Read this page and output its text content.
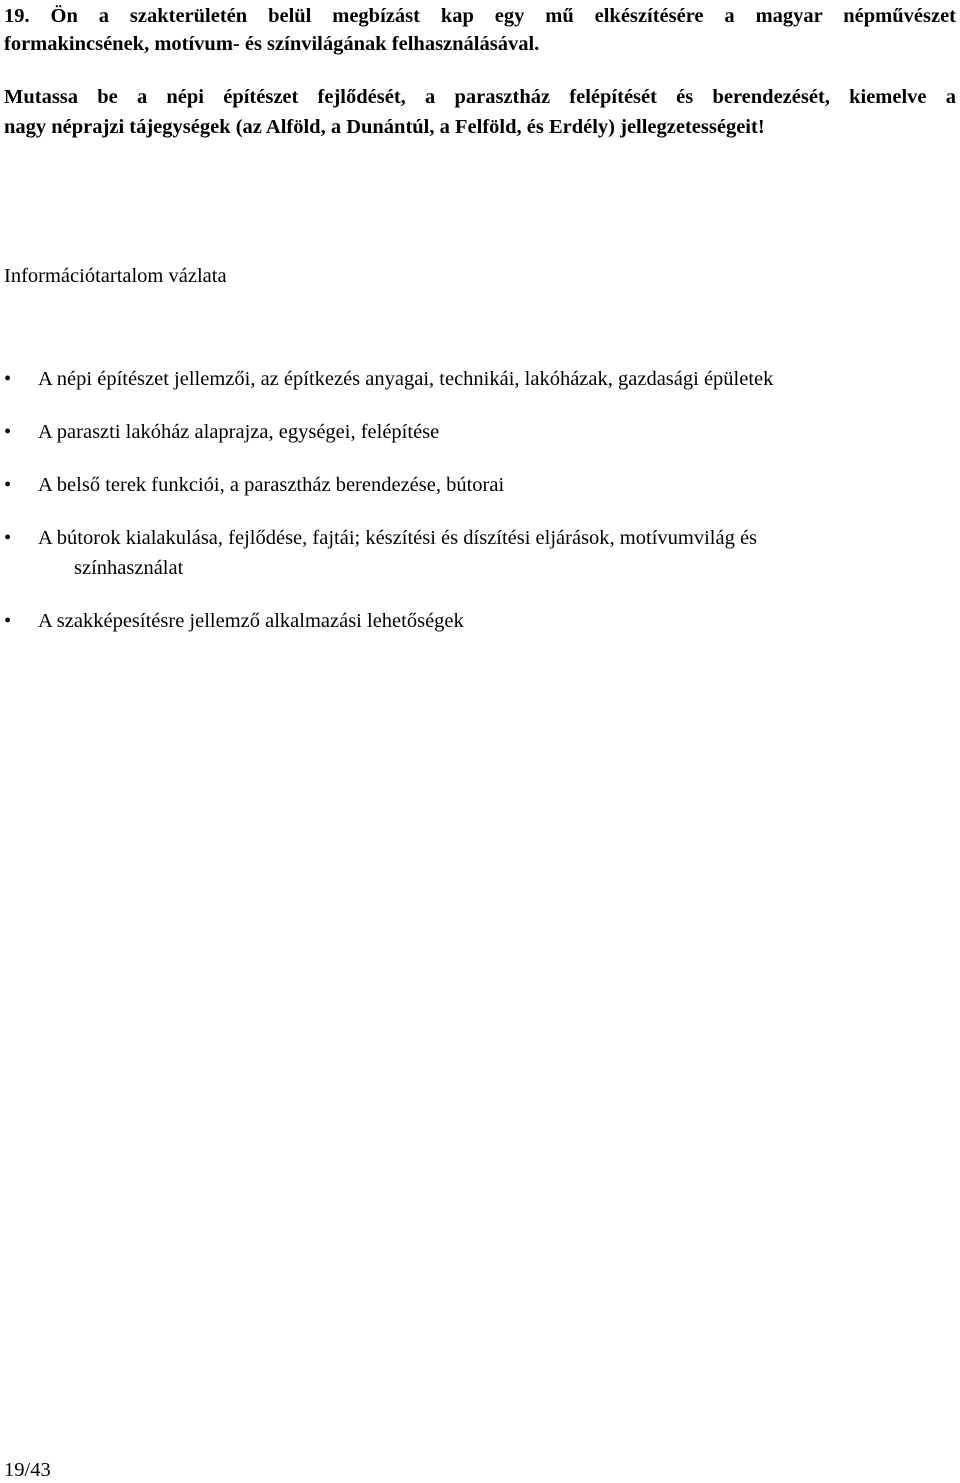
19. Ön a szakterületén belül megbízást kap egy mű elkészítésére a magyar népművészet
formakincsének, motívum- és színvilágának felhasználásával.
Mutassa be a népi építészet fejlődését, a parasztház felépítését és berendezését, kiemelve a
nagy néprajzi tájegységek (az Alföld, a Dunántúl, a Felföld, és Erdély) jellegzetességeit!
Információtartalom vázlata
•	A népi építészet jellemzői, az építkezés anyagai, technikái, lakóházak, gazdasági épületek
•	A paraszti lakóház alaprajza, egységei, felépítése
•	A belső terek funkciói, a parasztház berendezése, bútorai
•	A bútorok kialakulása, fejlődése, fajtái; készítési és díszítési eljárások, motívumvilág és
színhasználat
•	A szakképesítésre jellemző alkalmazási lehetőségek
19/43
